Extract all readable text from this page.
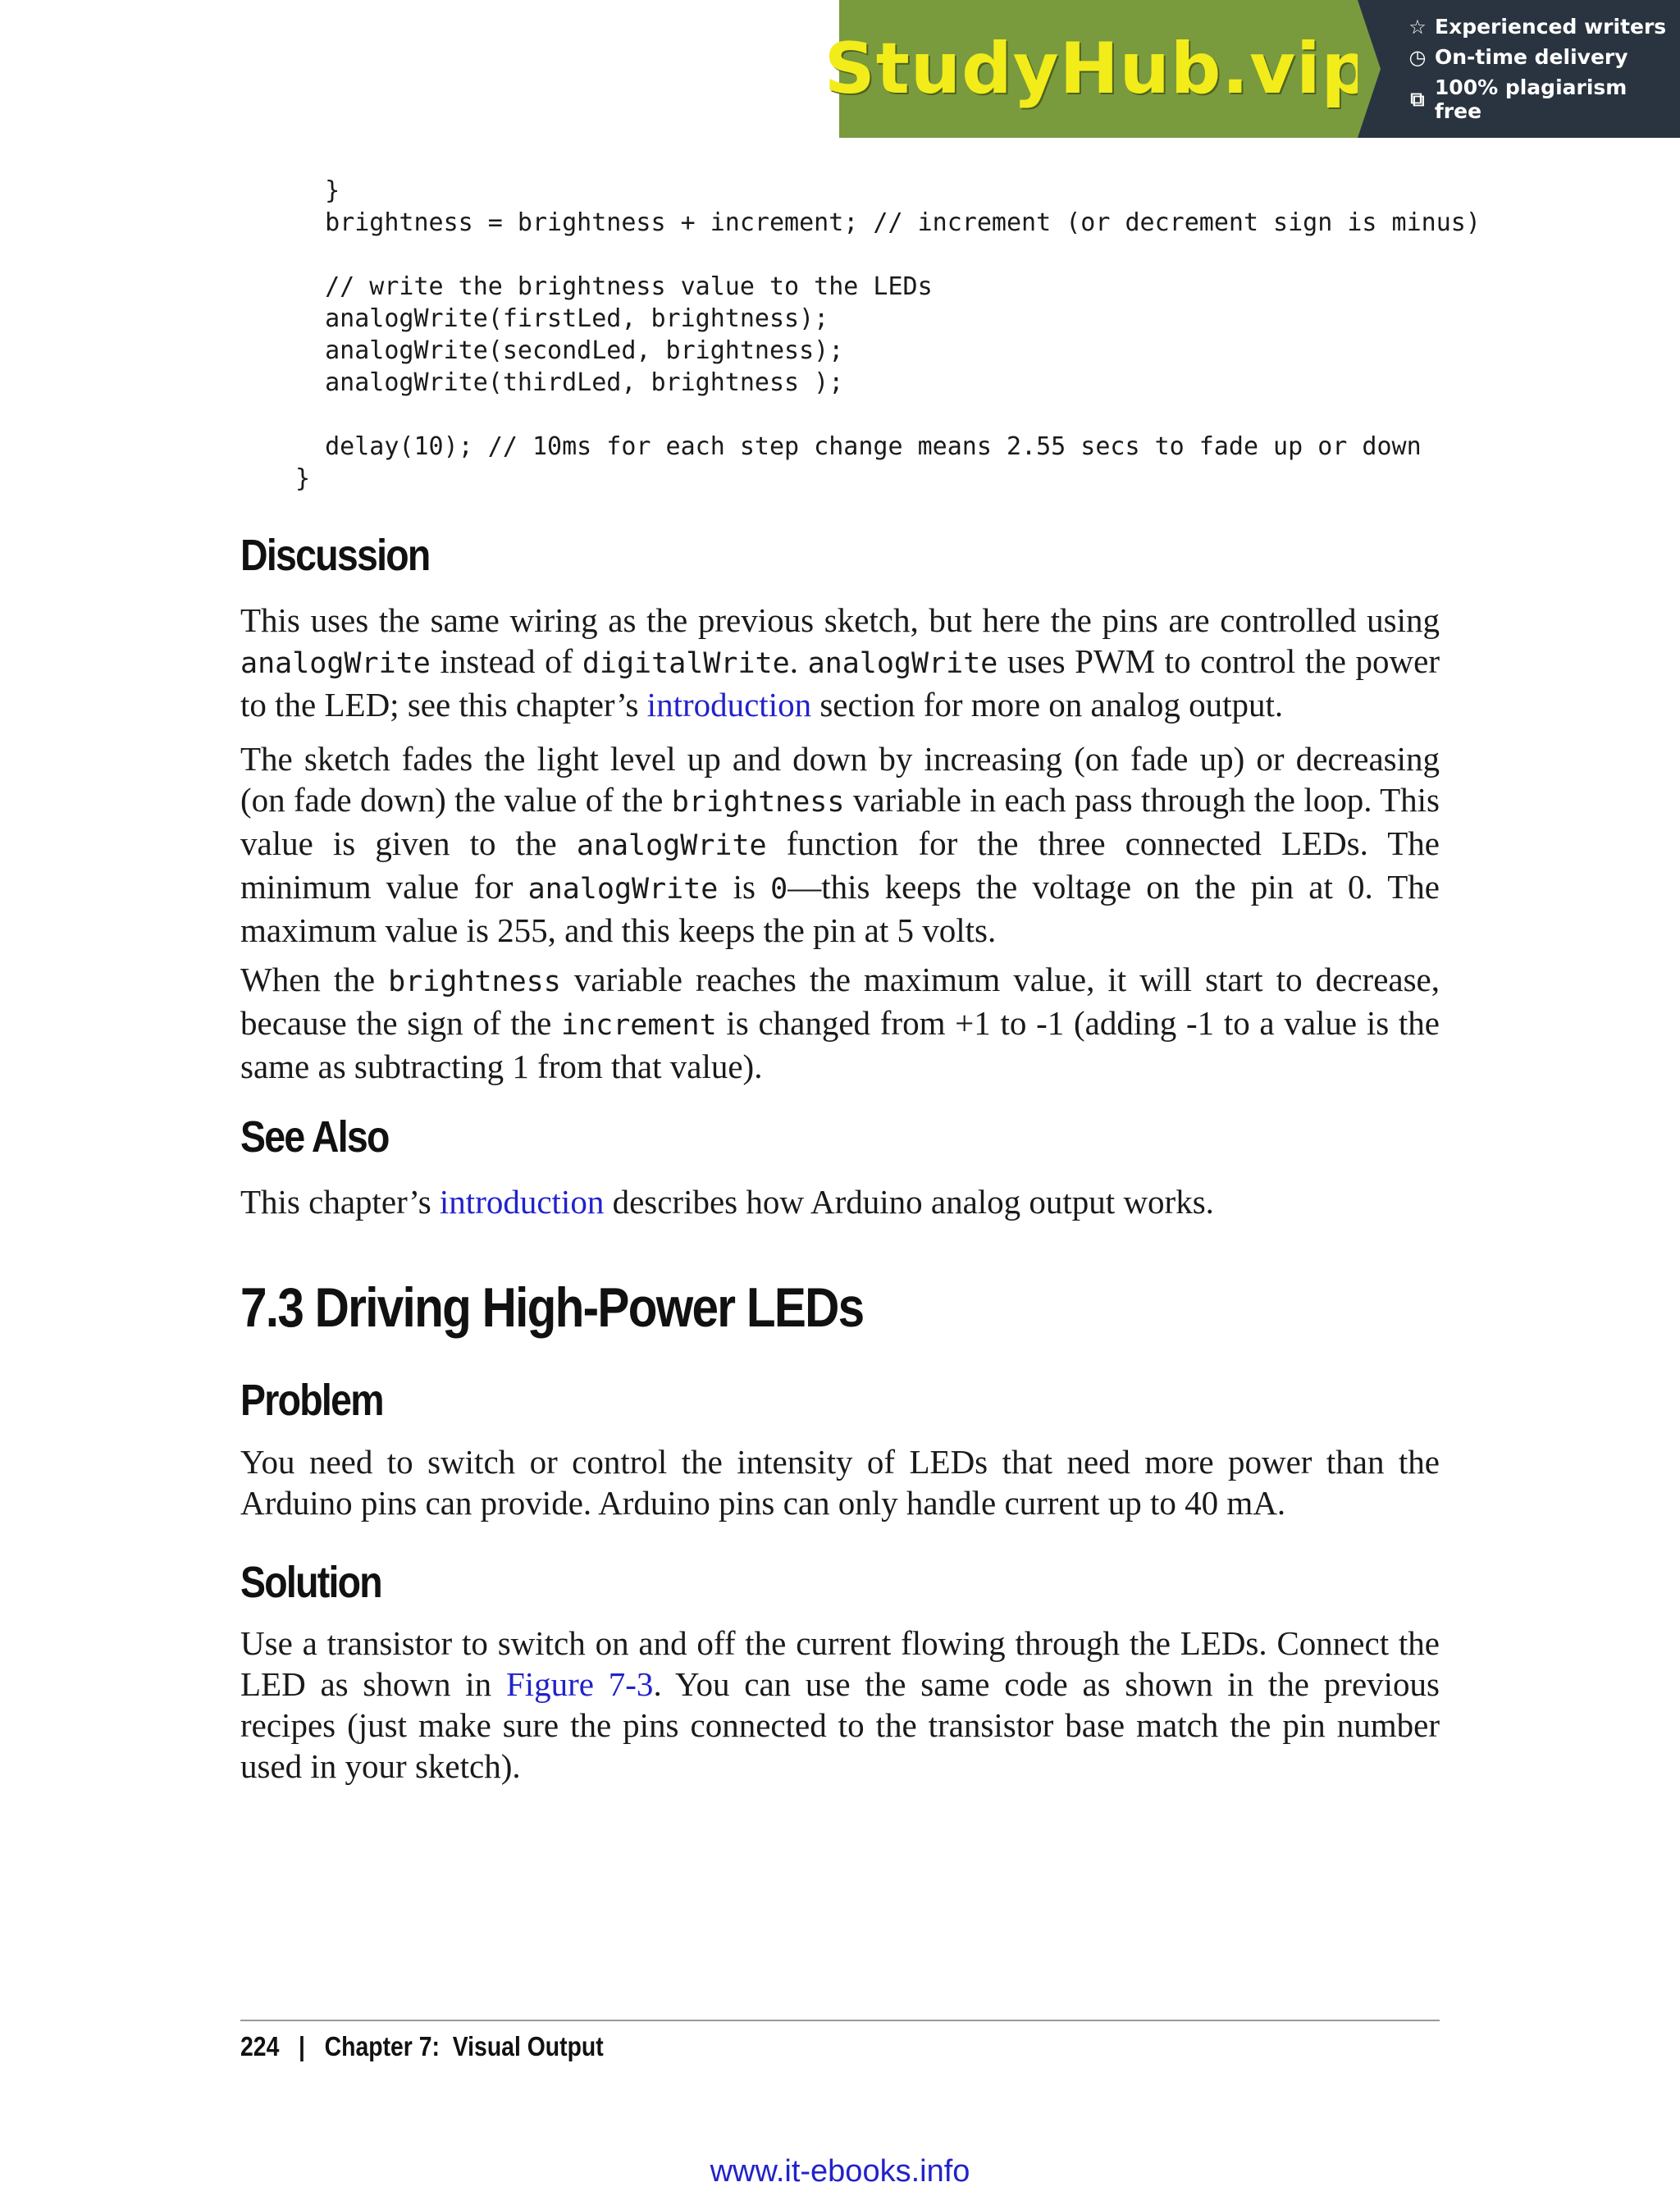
StudyHub.vip
☆ Experienced writers
◷ On-time delivery
⧉ 100% plagiarism free
}
brightness = brightness + increment; // increment (or decrement sign is minus)
// write the brightness value to the LEDs
analogWrite(firstLed, brightness);
analogWrite(secondLed, brightness);
analogWrite(thirdLed, brightness );
delay(10); // 10ms for each step change means 2.55 secs to fade up or down
}
Discussion

This uses the same wiring as the previous sketch, but here the pins are controlled using analogWrite instead of digitalWrite. analogWrite uses PWM to control the power to the LED; see this chapter’s introduction section for more on analog output.

The sketch fades the light level up and down by increasing (on fade up) or decreasing (on fade down) the value of the brightness variable in each pass through the loop. This value is given to the analogWrite function for the three connected LEDs. The minimum value for analogWrite is 0—this keeps the voltage on the pin at 0. The maximum value is 255, and this keeps the pin at 5 volts.

When the brightness variable reaches the maximum value, it will start to decrease, because the sign of the increment is changed from +1 to -1 (adding -1 to a value is the same as subtracting 1 from that value).

See Also

This chapter’s introduction describes how Arduino analog output works.

7.3 Driving High-Power LEDs
Problem

You need to switch or control the intensity of LEDs that need more power than the Arduino pins can provide. Arduino pins can only handle current up to 40 mA.

Solution

Use a transistor to switch on and off the current flowing through the LEDs. Connect the LED as shown in Figure 7-3. You can use the same code as shown in the previous recipes (just make sure the pins connected to the transistor base match the pin number used in your sketch).

224 | Chapter 7:  Visual Output
www.it-ebooks.info
